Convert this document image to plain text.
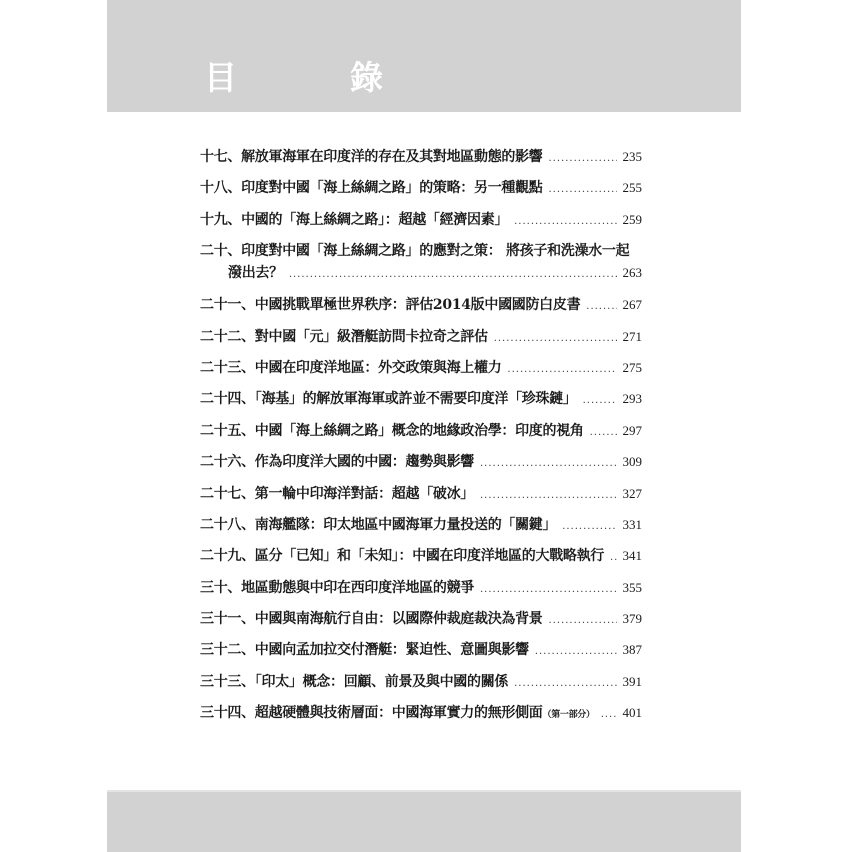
目　錄
十七、解放軍海軍在印度洋的存在及其對地區動態的影響 .....	235
十八、印度對中國「海上絲綢之路」的策略：另一種觀點 .....	255
十九、中國的「海上絲綢之路」：超越「經濟因素」 .....	259
二十、印度對中國「海上絲綢之路」的應對之策： 將孩子和洗澡水一起
潑出去？ .....	263
二十一、中國挑戰單極世界秩序：評估2014版中國國防白皮書 .....	267
二十二、對中國「元」級潛艇訪問卡拉奇之評估 .....	271
二十三、中國在印度洋地區：外交政策與海上權力 .....	275
二十四、「海基」的解放軍海軍或許並不需要印度洋「珍珠鏈」 .....	293
二十五、中國「海上絲綢之路」概念的地緣政治學：印度的視角 .....	297
二十六、作為印度洋大國的中國：趨勢與影響 .....	309
二十七、第一輪中印海洋對話：超越「破冰」 .....	327
二十八、南海艦隊：印太地區中國海軍力量投送的「關鍵」 .....	331
二十九、區分「已知」和「未知」：中國在印度洋地區的大戰略執行 ..... 341
三十、地區動態與中印在西印度洋地區的競爭 .....	355
三十一、中國與南海航行自由：以國際仲裁庭裁決為背景 .....	379
三十二、中國向孟加拉交付潛艇：緊迫性、意圖與影響 .....	387
三十三、「印太」概念：回顧、前景及與中國的關係 .....	391
三十四、超越硬體與技術層面：中國海軍實力的無形側面（第一部分） ..... 401
